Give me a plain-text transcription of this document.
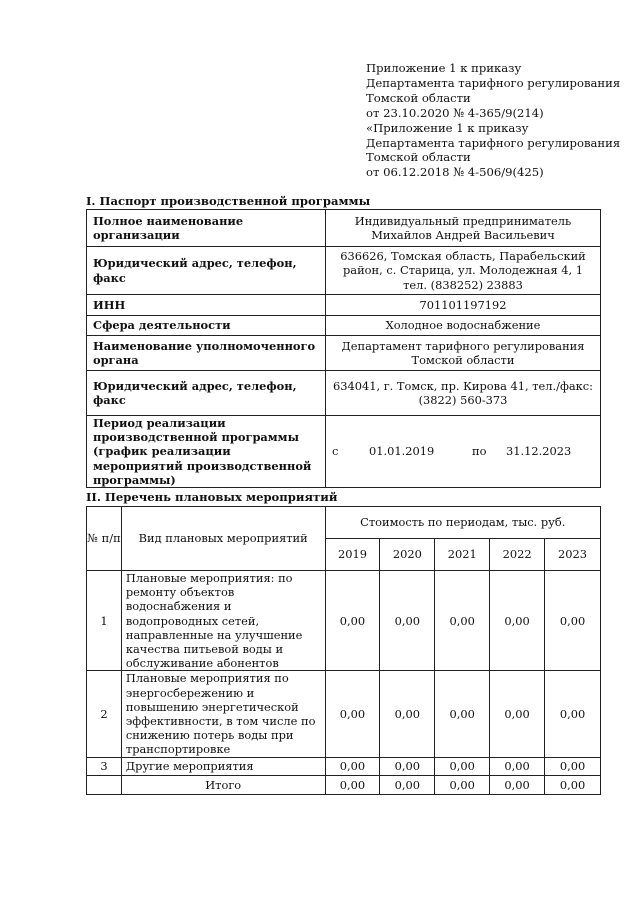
Приложение 1 к приказу
Департамента тарифного регулирования
Томской области
от 23.10.2020 № 4-365/9(214)
«Приложение 1 к приказу
Департамента тарифного регулирования
Томской области
от 06.12.2018 № 4-506/9(425)
I. Паспорт производственной программы
Полное наименование организации	Индивидуальный предприниматель Михайлов Андрей Васильевич
Юридический адрес, телефон, факс	636626, Томская область, Парабельский район, с. Старица, ул. Молодежная 4, 1 тел. (838252) 23883
ИНН	701101197192
Сфера деятельности	Холодное водоснабжение
Наименование уполномоченного органа	Департамент тарифного регулирования Томской области
Юридический адрес, телефон, факс	634041, г. Томск, пр. Кирова 41, тел./факс: (3822) 560-373
Период реализации производственной программы (график реализации мероприятий производственной программы)	с 01.01.2019 по 31.12.2023
II. Перечень плановых мероприятий
№ п/п	Вид плановых мероприятий	Стоимость по периодам, тыс. руб.				
		2019	2020	2021	2022	2023
1	Плановые мероприятия: по ремонту объектов водоснабжения и водопроводных сетей, направленные на улучшение качества питьевой воды и обслуживание абонентов	0,00	0,00	0,00	0,00	0,00
2	Плановые мероприятия по энергосбережению и повышению энергетической эффективности, в том числе по снижению потерь воды при транспортировке	0,00	0,00	0,00	0,00	0,00
3	Другие мероприятия	0,00	0,00	0,00	0,00	0,00
	Итого	0,00	0,00	0,00	0,00	0,00
